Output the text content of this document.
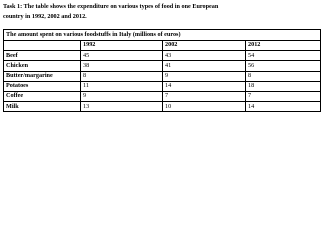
Task 1: The table shows the expenditure on various types of food in one European
country in 1992, 2002 and 2012.
The amount spent on various foodstuffs in Italy (millions of euros)			
	1992	2002	2012
Beef	45	43	54
Chicken	38	41	56
Butter/margarine	8	9	8
Potatoes	11	14	18
Coffee	9	7	7
Milk	13	10	14
